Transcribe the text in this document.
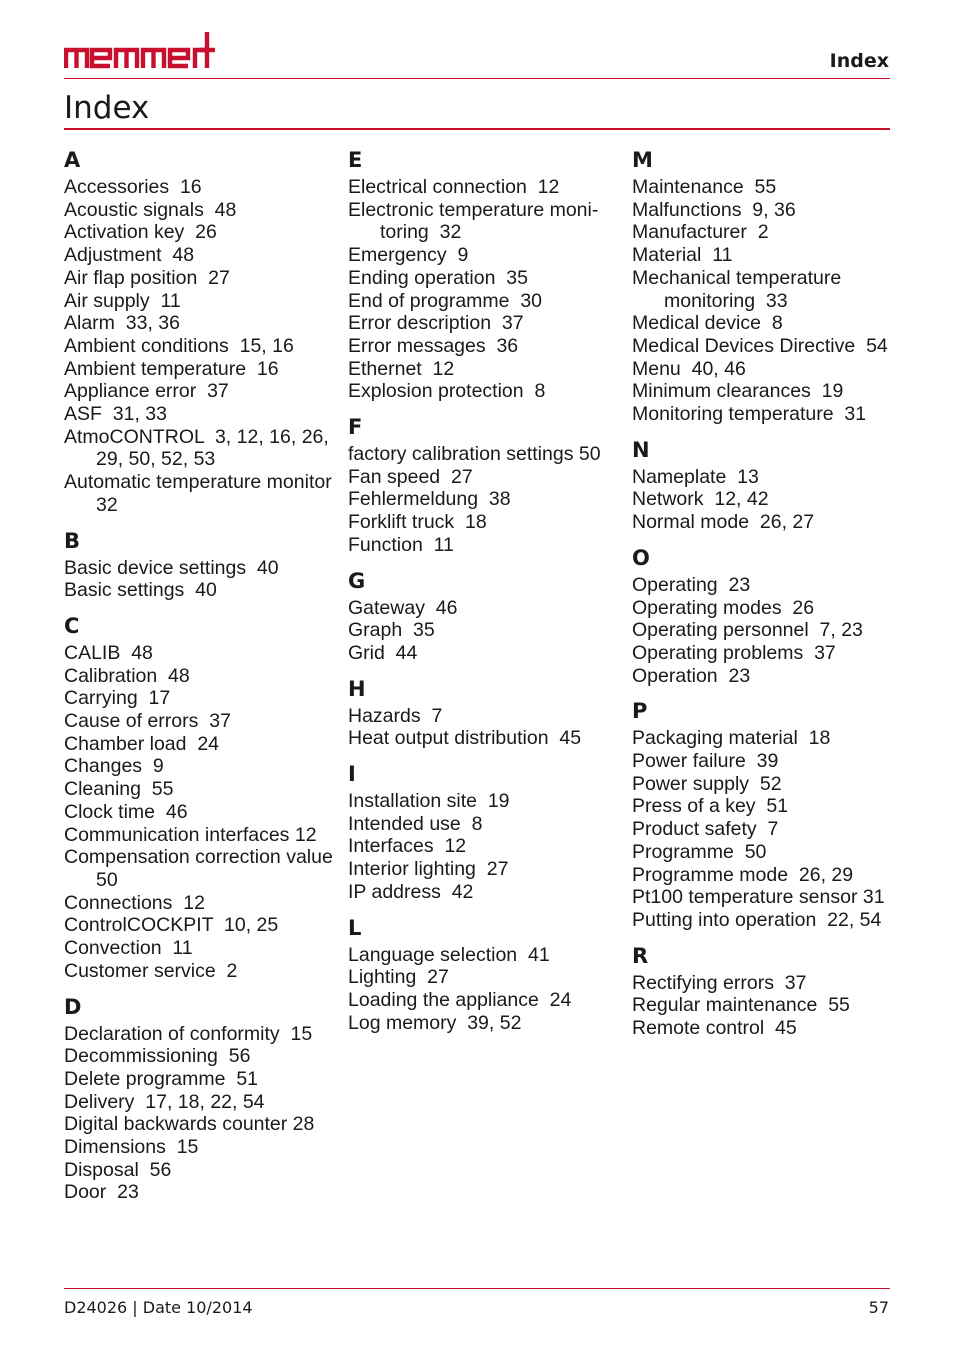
Index
Index
A
Accessories  16
Acoustic signals  48
Activation key  26
Adjustment  48
Air flap position  27
Air supply  11
Alarm  33, 36
Ambient conditions  15, 16
Ambient temperature  16
Appliance error  37
ASF  31, 33
AtmoCONTROL  3, 12, 16, 26, 29, 50, 52, 53
Automatic temperature monitor  32
B
Basic device settings  40
Basic settings  40
C
CALIB  48
Calibration  48
Carrying  17
Cause of errors  37
Chamber load  24
Changes  9
Cleaning  55
Clock time  46
Communication interfaces 12
Compensation correction value  50
Connections  12
ControlCOCKPIT  10, 25
Convection  11
Customer service  2
D
Declaration of conformity  15
Decommissioning  56
Delete programme  51
Delivery  17, 18, 22, 54
Digital backwards counter 28
Dimensions  15
Disposal  56
Door  23
E
Electrical connection  12
Electronic temperature moni-toring  32
Emergency  9
Ending operation  35
End of programme  30
Error description  37
Error messages  36
Ethernet  12
Explosion protection  8
F
factory calibration settings 50
Fan speed  27
Fehlermeldung  38
Forklift truck  18
Function  11
G
Gateway  46
Graph  35
Grid  44
H
Hazards  7
Heat output distribution  45
I
Installation site  19
Intended use  8
Interfaces  12
Interior lighting  27
IP address  42
L
Language selection  41
Lighting  27
Loading the appliance  24
Log memory  39, 52
M
Maintenance  55
Malfunctions  9, 36
Manufacturer  2
Material  11
Mechanical temperature monitoring  33
Medical device  8
Medical Devices Directive  54
Menu  40, 46
Minimum clearances  19
Monitoring temperature  31
N
Nameplate  13
Network  12, 42
Normal mode  26, 27
O
Operating  23
Operating modes  26
Operating personnel  7, 23
Operating problems  37
Operation  23
P
Packaging material  18
Power failure  39
Power supply  52
Press of a key  51
Product safety  7
Programme  50
Programme mode  26, 29
Pt100 temperature sensor 31
Putting into operation  22, 54
R
Rectifying errors  37
Regular maintenance  55
Remote control  45
D24026 | Date 10/2014	57
